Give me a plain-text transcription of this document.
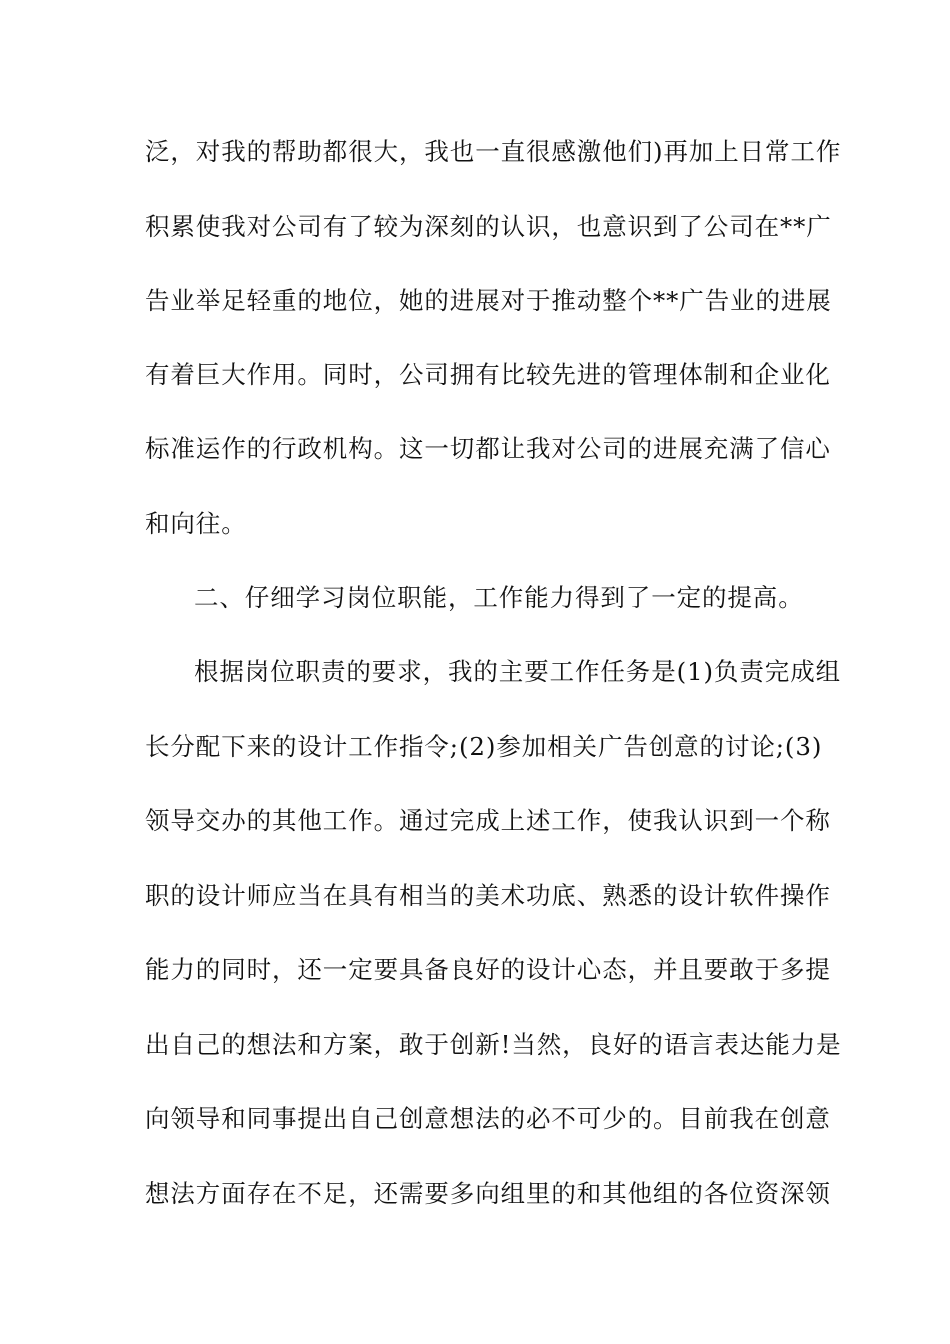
泛，对我的帮助都很大，我也一直很感激他们)再加上日常工作
积累使我对公司有了较为深刻的认识，也意识到了公司在**广
告业举足轻重的地位，她的进展对于推动整个**广告业的进展
有着巨大作用。同时，公司拥有比较先进的管理体制和企业化
标准运作的行政机构。这一切都让我对公司的进展充满了信心
和向往。
二、仔细学习岗位职能，工作能力得到了一定的提高。
根据岗位职责的要求，我的主要工作任务是(1)负责完成组
长分配下来的设计工作指令;(2)参加相关广告创意的讨论;(3)
领导交办的其他工作。通过完成上述工作，使我认识到一个称
职的设计师应当在具有相当的美术功底、熟悉的设计软件操作
能力的同时，还一定要具备良好的设计心态，并且要敢于多提
出自己的想法和方案，敢于创新!当然，良好的语言表达能力是
向领导和同事提出自己创意想法的必不可少的。目前我在创意
想法方面存在不足，还需要多向组里的和其他组的各位资深领
